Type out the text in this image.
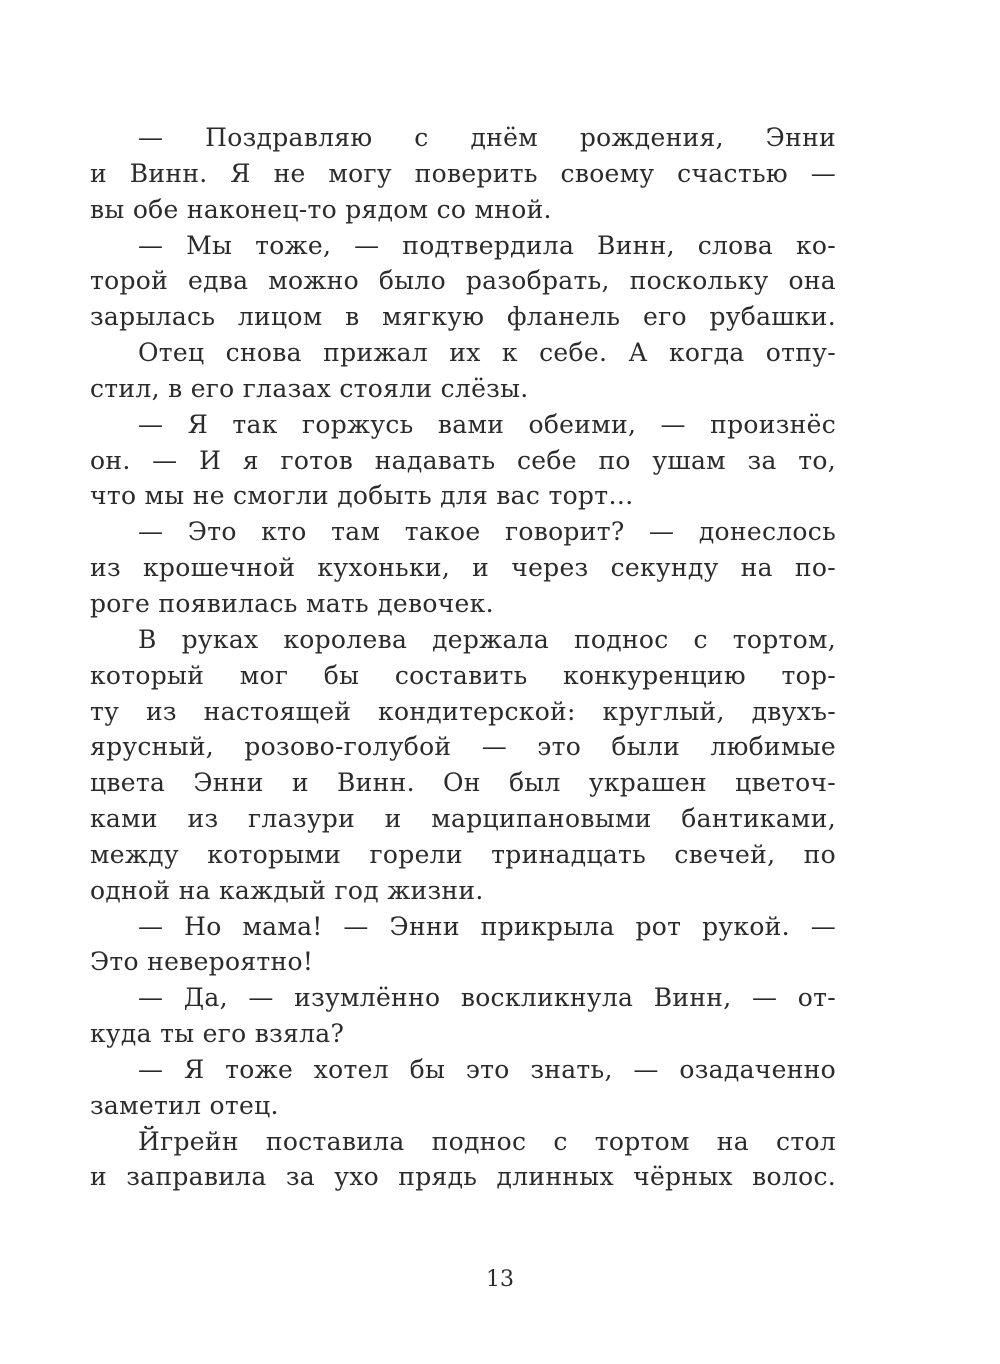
— Поздравляю с днём рождения, Энни
и Винн. Я не могу поверить своему счастью —
вы обе наконец-то рядом со мной.
— Мы тоже, — подтвердила Винн, слова ко-
торой едва можно было разобрать, поскольку она
зарылась лицом в мягкую фланель его рубашки.
Отец снова прижал их к себе. А когда отпу-
стил, в его глазах стояли слёзы.
— Я так горжусь вами обеими, — произнёс
он. — И я готов надавать себе по ушам за то,
что мы не смогли добыть для вас торт…
— Это кто там такое говорит? — донеслось
из крошечной кухоньки, и через секунду на по-
роге появилась мать девочек.
В руках королева держала поднос с тортом,
который мог бы составить конкуренцию тор-
ту из настоящей кондитерской: круглый, двухъ-
ярусный, розово-голубой — это были любимые
цвета Энни и Винн. Он был украшен цветоч-
ками из глазури и марципановыми бантиками,
между которыми горели тринадцать свечей, по
одной на каждый год жизни.
— Но мама! — Энни прикрыла рот рукой. —
Это невероятно!
— Да, — изумлённо воскликнула Винн, — от-
куда ты его взяла?
— Я тоже хотел бы это знать, — озадаченно
заметил отец.
Йгрейн поставила поднос с тортом на стол
и заправила за ухо прядь длинных чёрных волос.
13
